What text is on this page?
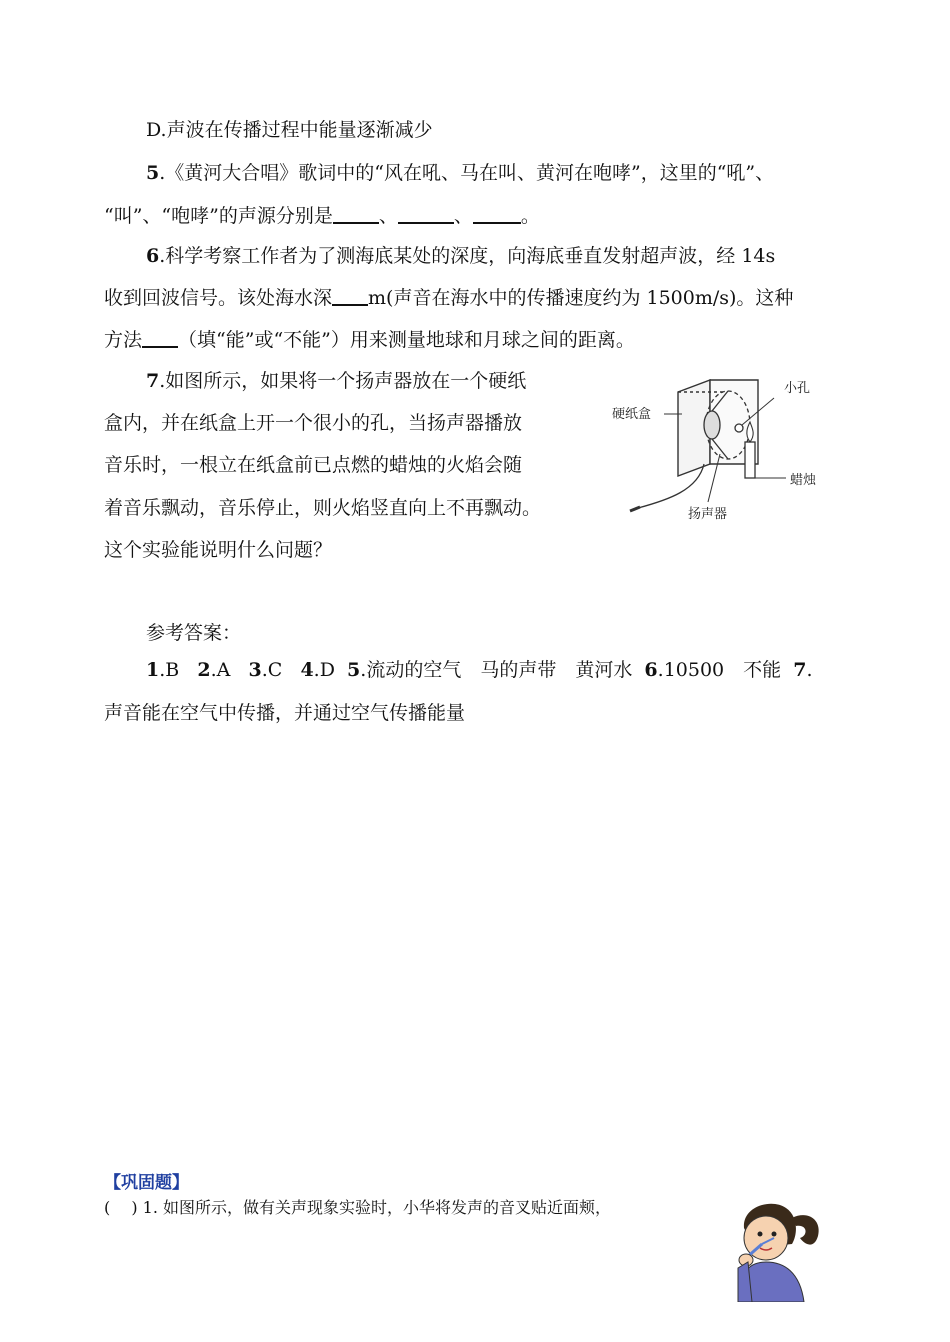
D.声波在传播过程中能量逐渐减少
5.《黄河大合唱》歌词中的“风在吼、马在叫、黄河在咆哮”，这里的“吼”、
“叫”、“咆哮”的声源分别是 、	、	。
6.科学考察工作者为了测海底某处的深度，向海底垂直发射超声波，经 14s
收到回波信号。该处海水深 m(声音在海水中的传播速度约为 1500m/s)。这种
方法 （填“能”或“不能”）用来测量地球和月球之间的距离。
7.如图所示，如果将一个扬声器放在一个硬纸
盒内，并在纸盒上开一个很小的孔，当扬声器播放
音乐时，一根立在纸盒前已点燃的蜡烛的火焰会随
着音乐飘动，音乐停止，则火焰竖直向上不再飘动。
这个实验能说明什么问题？
小孔
硬纸盒
蜡烛
扬声器
参考答案：
1.B 2.A 3.C 4.D 5.流动的空气　马的声带　黄河水 6.10500　不能 7.
声音能在空气中传播，并通过空气传播能量
【巩固题】
(　 ) 1. 如图所示，做有关声现象实验时，小华将发声的音叉贴近面颊，
